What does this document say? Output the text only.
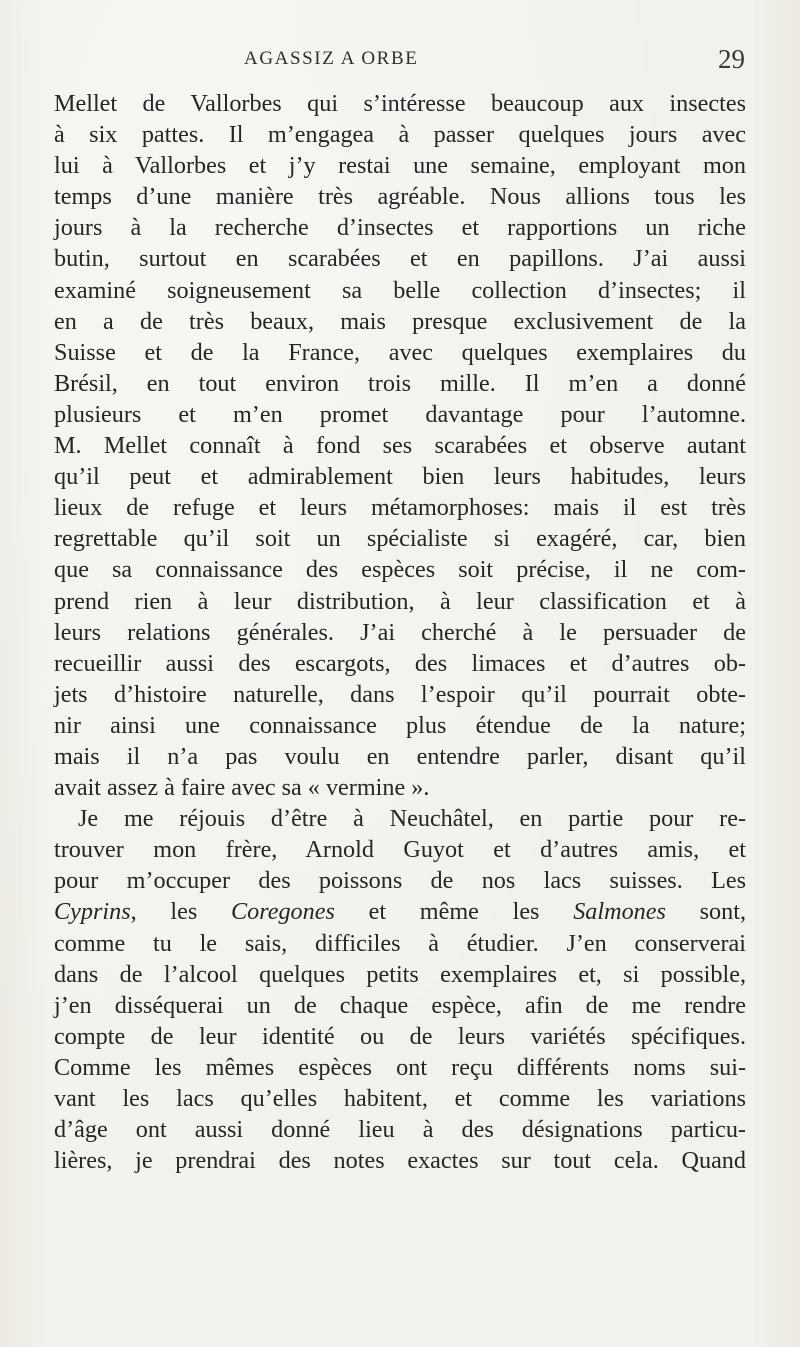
AGASSIZ A ORBE	29
Mellet de Vallorbes qui s’intéresse beaucoup aux insectes
à six pattes. Il m’engagea à passer quelques jours avec
lui à Vallorbes et j’y restai une semaine, employant mon
temps d’une manière très agréable. Nous allions tous les
jours à la recherche d’insectes et rapportions un riche
butin, surtout en scarabées et en papillons. J’ai aussi
examiné soigneusement sa belle collection d’insectes; il
en a de très beaux, mais presque exclusivement de la
Suisse et de la France, avec quelques exemplaires du
Brésil, en tout environ trois mille. Il m’en a donné
plusieurs et m’en promet davantage pour l’automne.
M. Mellet connaît à fond ses scarabées et observe autant
qu’il peut et admirablement bien leurs habitudes, leurs
lieux de refuge et leurs métamorphoses: mais il est très
regrettable qu’il soit un spécialiste si exagéré, car, bien
que sa connaissance des espèces soit précise, il ne com-
prend rien à leur distribution, à leur classification et à
leurs relations générales. J’ai cherché à le persuader de
recueillir aussi des escargots, des limaces et d’autres ob-
jets d’histoire naturelle, dans l’espoir qu’il pourrait obte-
nir ainsi une connaissance plus étendue de la nature;
mais il n’a pas voulu en entendre parler, disant qu’il
avait assez à faire avec sa « vermine ».
Je me réjouis d’être à Neuchâtel, en partie pour re-
trouver mon frère, Arnold Guyot et d’autres amis, et
pour m’occuper des poissons de nos lacs suisses. Les
Cyprins, les Coregones et même les Salmones sont,
comme tu le sais, difficiles à étudier. J’en conserverai
dans de l’alcool quelques petits exemplaires et, si possible,
j’en disséquerai un de chaque espèce, afin de me rendre
compte de leur identité ou de leurs variétés spécifiques.
Comme les mêmes espèces ont reçu différents noms sui-
vant les lacs qu’elles habitent, et comme les variations
d’âge ont aussi donné lieu à des désignations particu-
lières, je prendrai des notes exactes sur tout cela. Quand
